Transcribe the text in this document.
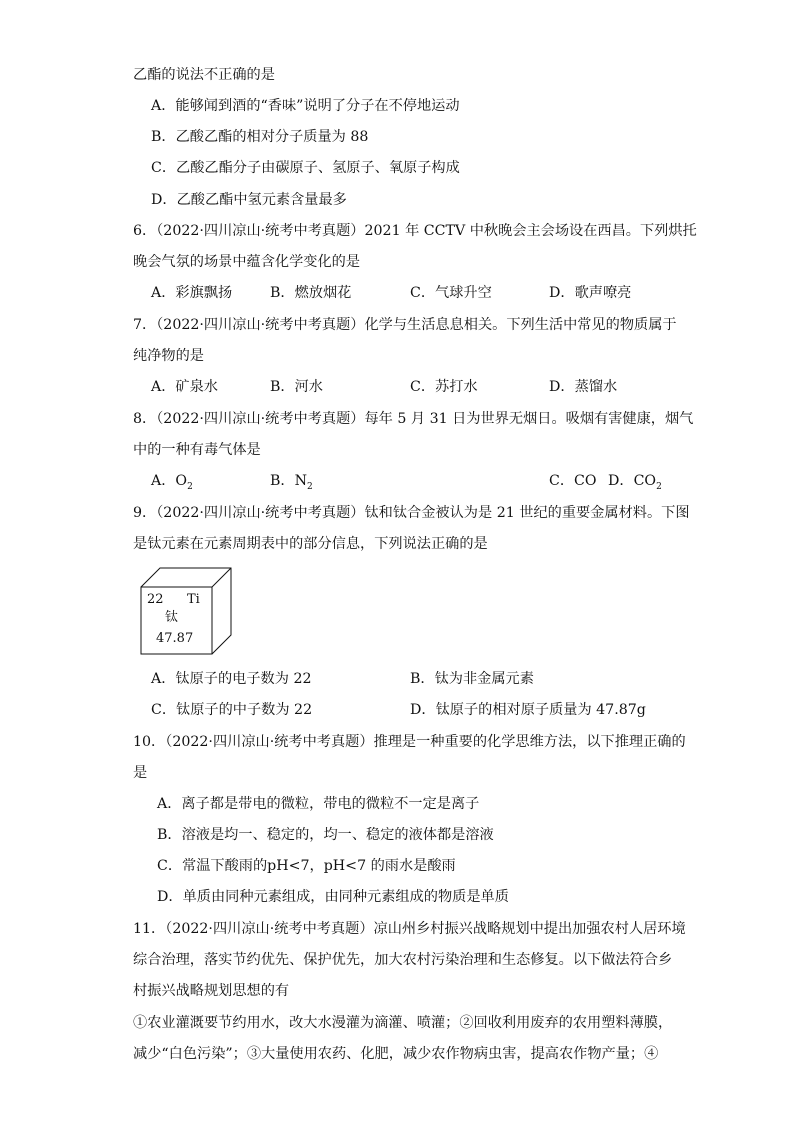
乙酯的说法不正确的是
A．能够闻到酒的“香味”说明了分子在不停地运动
B．乙酸乙酯的相对分子质量为 88
C．乙酸乙酯分子由碳原子、氢原子、氧原子构成
D．乙酸乙酯中氢元素含量最多
6．（2022·四川凉山·统考中考真题）2021 年 CCTV 中秋晚会主会场设在西昌。下列烘托
晚会气氛的场景中蕴含化学变化的是
A．彩旗飘扬	B．燃放烟花	C．气球升空	D．歌声嘹亮
7．（2022·四川凉山·统考中考真题）化学与生活息息相关。下列生活中常见的物质属于
纯净物的是
A．矿泉水	B．河水	C．苏打水	D．蒸馏水
8．（2022·四川凉山·统考中考真题）每年 5 月 31 日为世界无烟日。吸烟有害健康，烟气
中的一种有毒气体是
A．$O_2$	B．$N_2$	C．CO D．$CO_2$
9．（2022·四川凉山·统考中考真题）钛和钛合金被认为是 21 世纪的重要金属材料。下图
是钛元素在元素周期表中的部分信息，下列说法正确的是
22 Ti
钛
47.87
A．钛原子的电子数为 22	B．钛为非金属元素
C．钛原子的中子数为 22	D．钛原子的相对原子质量为 47.87g
10．（2022·四川凉山·统考中考真题）推理是一种重要的化学思维方法，以下推理正确的
是
A．离子都是带电的微粒，带电的微粒不一定是离子
B．溶液是均一、稳定的，均一、稳定的液体都是溶液
C．常温下酸雨的pH<7，pH<7 的雨水是酸雨
D．单质由同种元素组成，由同种元素组成的物质是单质
11．（2022·四川凉山·统考中考真题）凉山州乡村振兴战略规划中提出加强农村人居环境
综合治理，落实节约优先、保护优先，加大农村污染治理和生态修复。以下做法符合乡
村振兴战略规划思想的有
①农业灌溉要节约用水，改大水漫灌为滴灌、喷灌；②回收利用废弃的农用塑料薄膜，
减少“白色污染”；③大量使用农药、化肥，减少农作物病虫害，提高农作物产量；④
